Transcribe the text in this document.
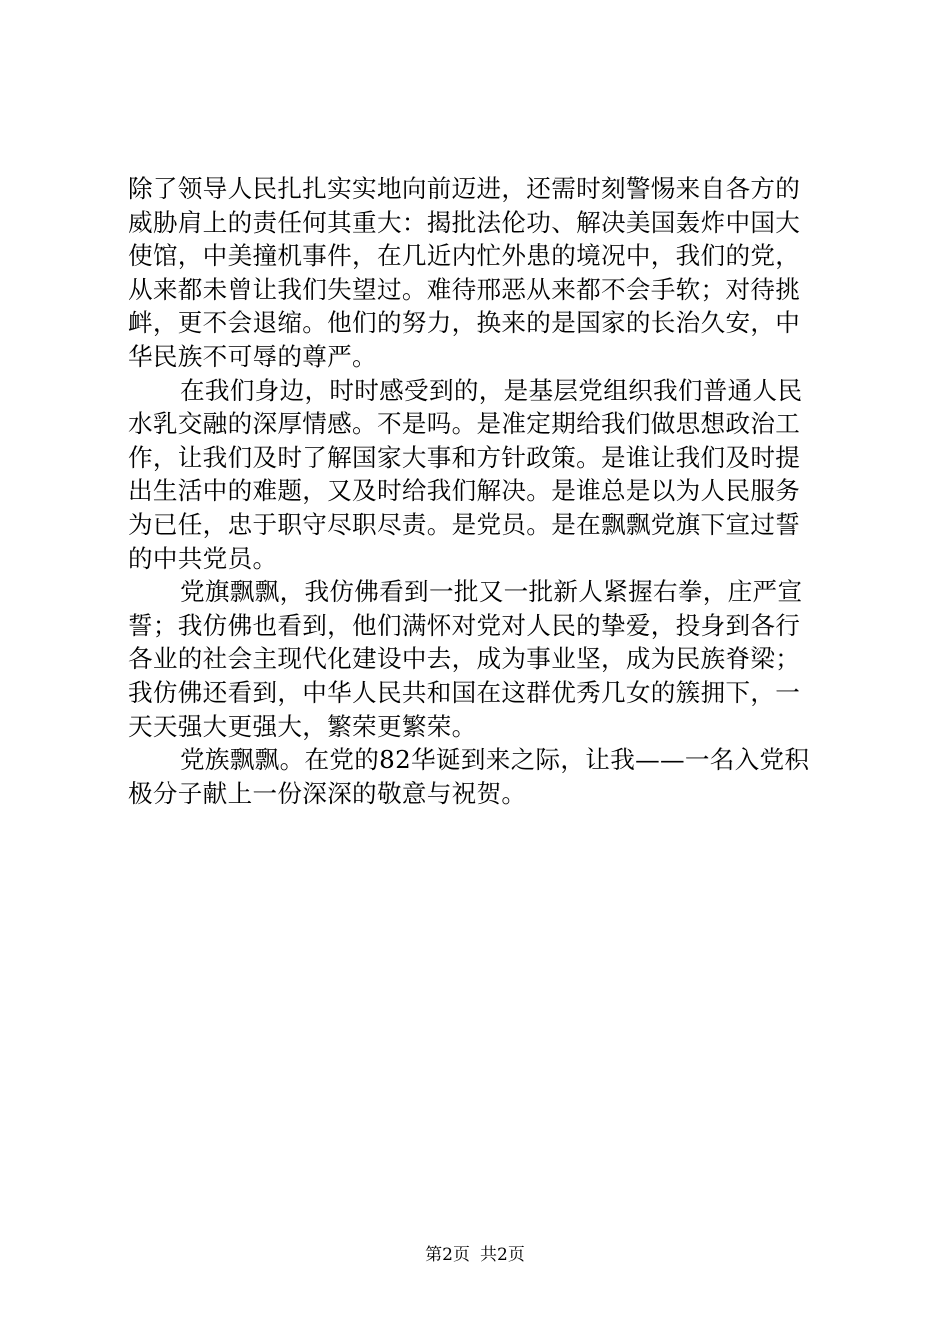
除了领导人民扎扎实实地向前迈进，还需时刻警惕来自各方的
威胁肩上的责任何其重大：揭批法伦功、解决美国轰炸中国大
使馆，中美撞机事件，在几近内忙外患的境况中，我们的党，
从来都未曾让我们失望过。难待邢恶从来都不会手软；对待挑
衅，更不会退缩。他们的努力，换来的是国家的长治久安，中
华民族不可辱的尊严。
在我们身边，时时感受到的，是基层党组织我们普通人民
水乳交融的深厚情感。不是吗。是准定期给我们做思想政治工
作，让我们及时了解国家大事和方针政策。是谁让我们及时提
出生活中的难题，又及时给我们解决。是谁总是以为人民服务
为已任，忠于职守尽职尽责。是党员。是在飘飘党旗下宣过誓
的中共党员。
党旗飘飘，我仿佛看到一批又一批新人紧握右拳，庄严宣
誓；我仿佛也看到，他们满怀对党对人民的挚爱，投身到各行
各业的社会主现代化建设中去，成为事业坚，成为民族脊梁；
我仿佛还看到，中华人民共和国在这群优秀几女的簇拥下，一
天天强大更强大，繁荣更繁荣。
党族飘飘。在党的82华诞到来之际，让我——一名入党积
极分子献上一份深深的敬意与祝贺。
第2页 共2页
